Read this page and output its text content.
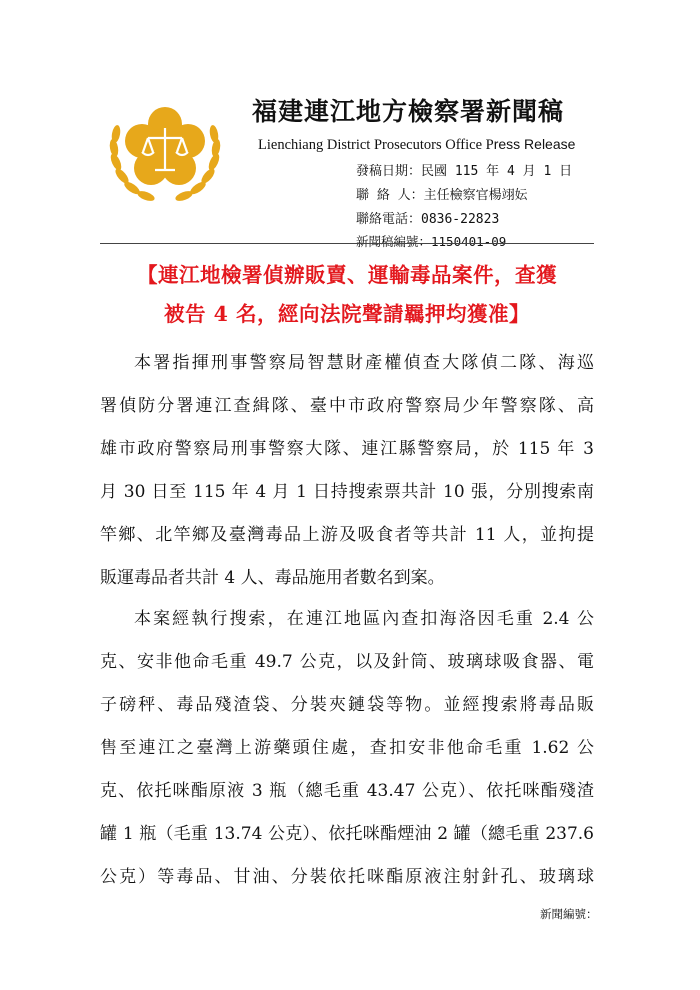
福建連江地方檢察署新聞稿
Lienchiang District Prosecutors Office Press Release
發稿日期：民國 115 年 4 月 1 日
聯 絡 人：主任檢察官楊翊妘
聯絡電話：0836-22823
新聞稿編號：1150401-09
【連江地檢署偵辦販賣、運輸毒品案件，查獲
被告 4 名，經向法院聲請羈押均獲准】
本署指揮刑事警察局智慧財產權偵查大隊偵二隊、海巡
署偵防分署連江查緝隊、臺中市政府警察局少年警察隊、高
雄市政府警察局刑事警察大隊、連江縣警察局，於 115 年 3
月 30 日至 115 年 4 月 1 日持搜索票共計 10 張，分別搜索南
竿鄉、北竿鄉及臺灣毒品上游及吸食者等共計 11 人，並拘提
販運毒品者共計 4 人、毒品施用者數名到案。
本案經執行搜索，在連江地區內查扣海洛因毛重 2.4 公
克、安非他命毛重 49.7 公克，以及針筒、玻璃球吸食器、電
子磅秤、毒品殘渣袋、分裝夾鏈袋等物。並經搜索將毒品販
售至連江之臺灣上游藥頭住處，查扣安非他命毛重 1.62 公
克、依托咪酯原液 3 瓶（總毛重 43.47 公克）、依托咪酯殘渣
罐 1 瓶（毛重 13.74 公克）、依托咪酯煙油 2 罐（總毛重 237.6
公克）等毒品、甘油、分裝依托咪酯原液注射針孔、玻璃球
新聞編號：
